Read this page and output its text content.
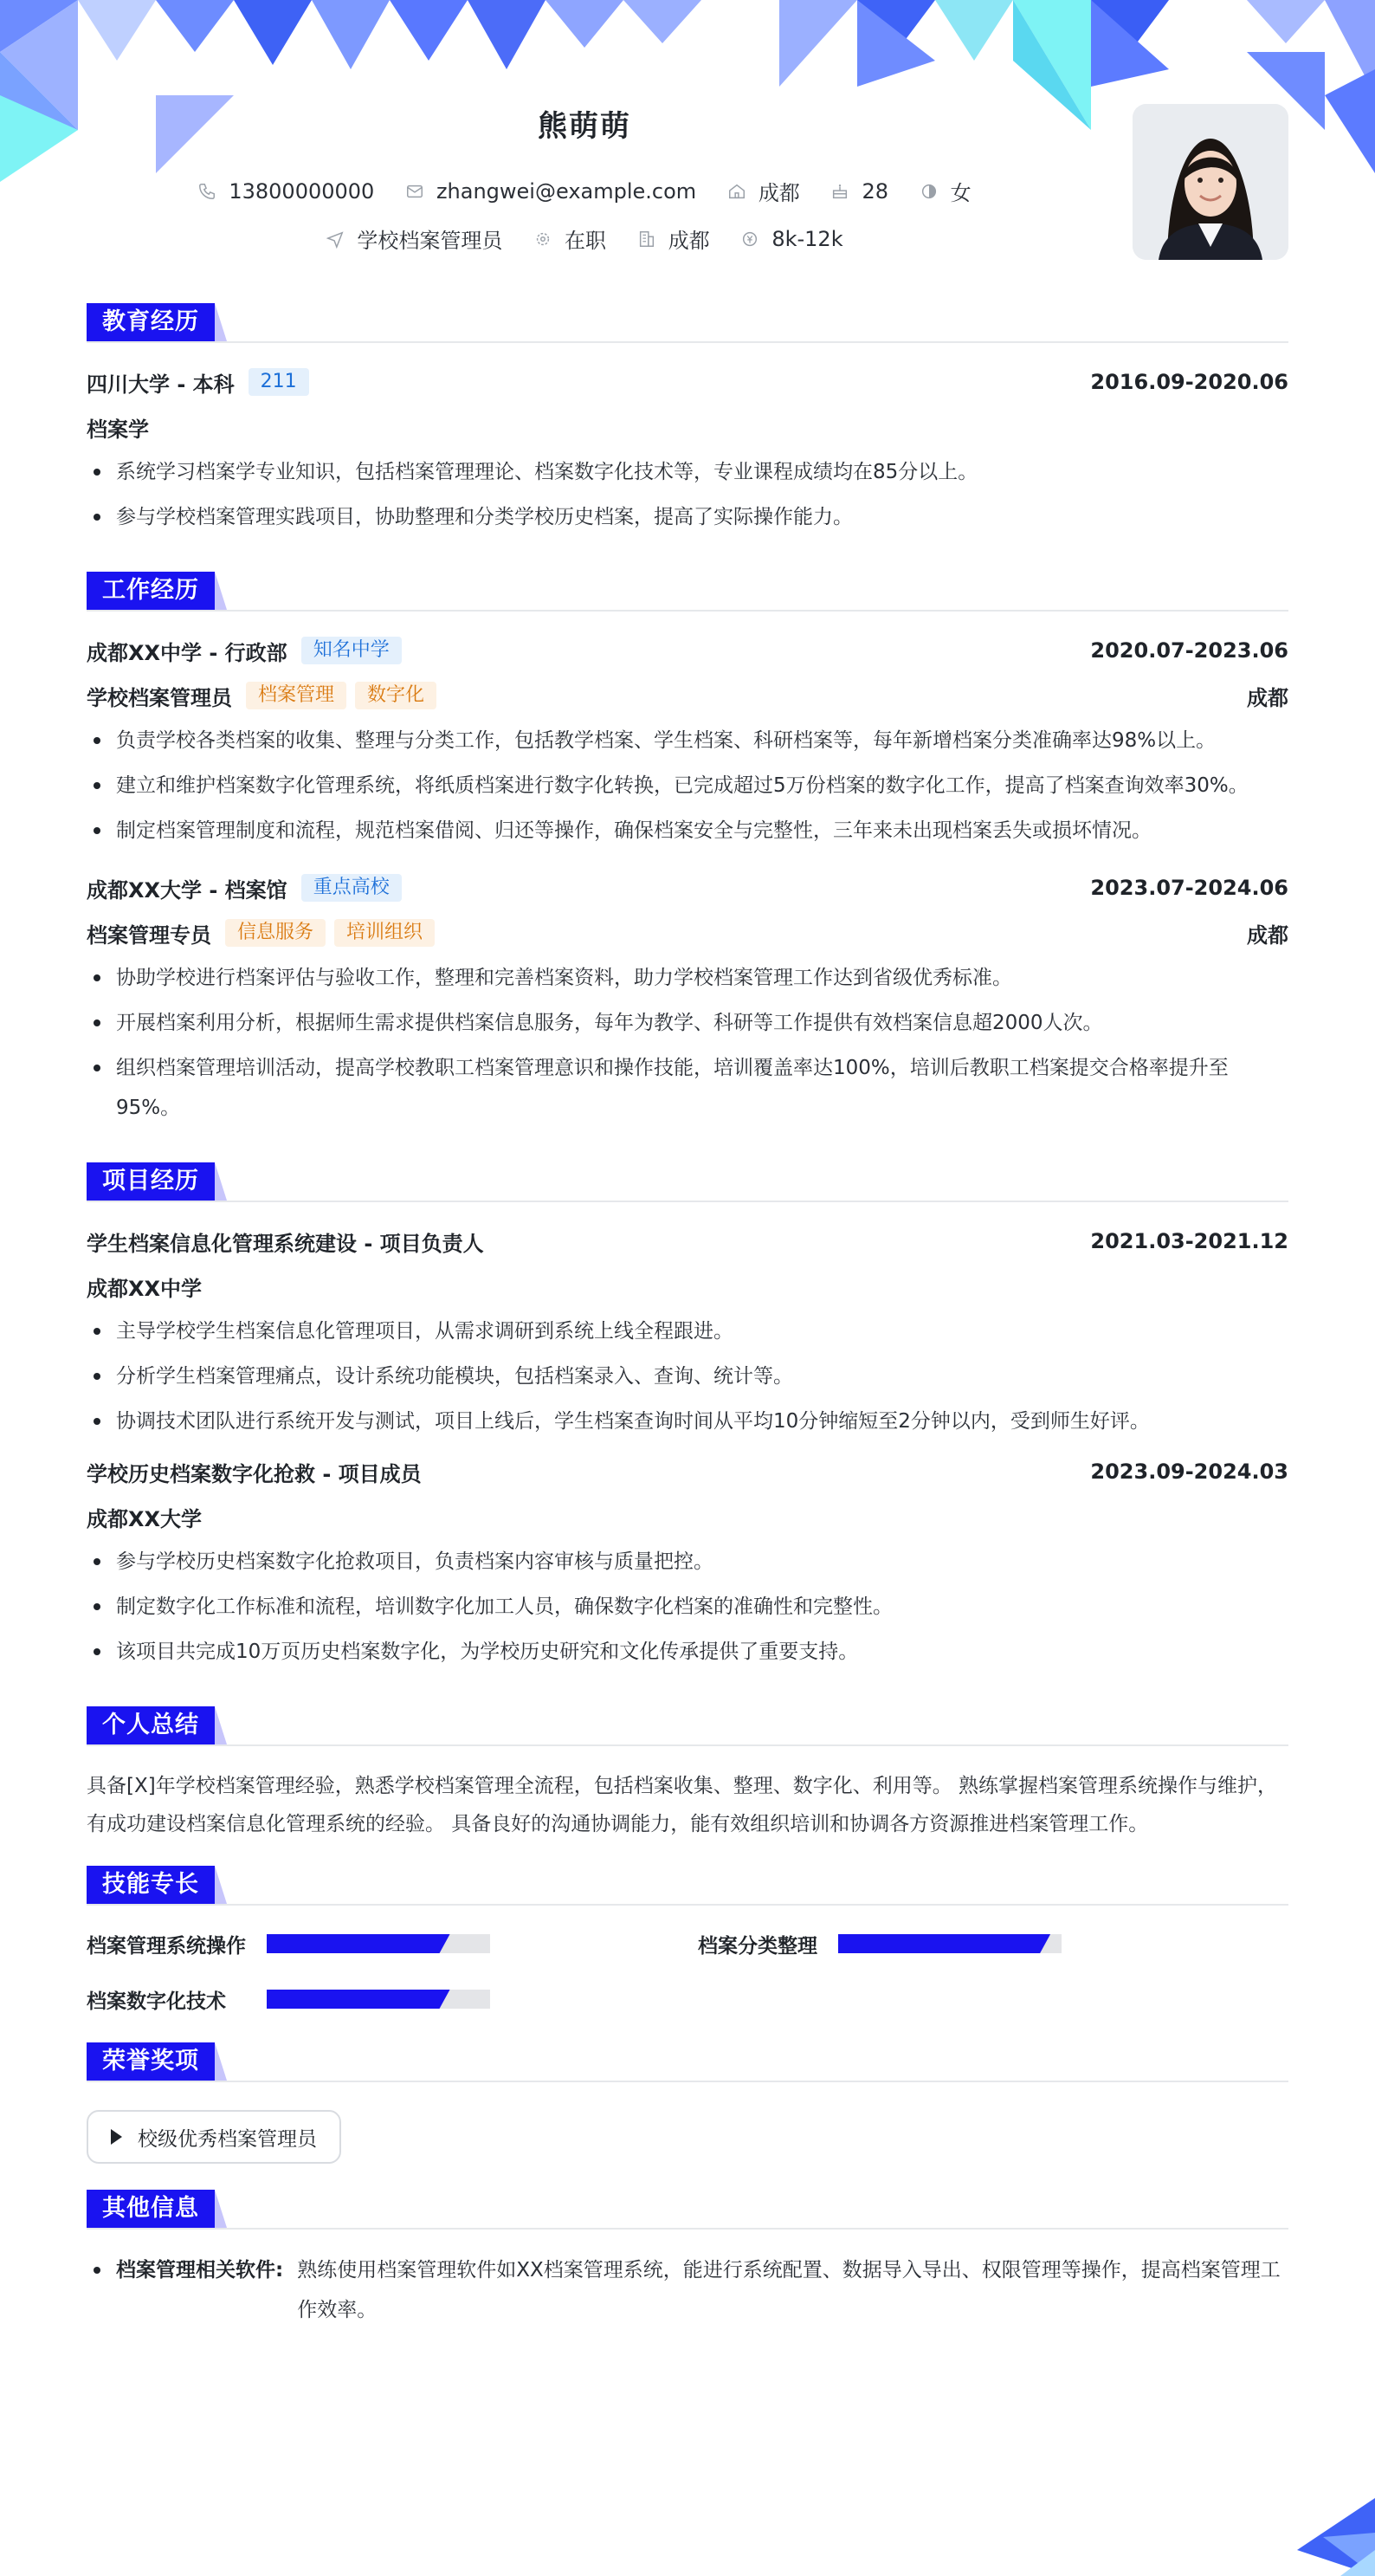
熊萌萌
13800000000
	zhangwei@example.com
	成都
	28
	女
学校档案管理员
	在职
	成都
	8k-12k
教育经历
四川大学 - 本科	211	2016.09-2020.06
档案学
系统学习档案学专业知识，包括档案管理理论、档案数字化技术等，专业课程成绩均在85分以上。
参与学校档案管理实践项目，协助整理和分类学校历史档案，提高了实际操作能力。
工作经历
成都XX中学 - 行政部	知名中学	2020.07-2023.06
学校档案管理员	档案管理	数字化	成都
负责学校各类档案的收集、整理与分类工作，包括教学档案、学生档案、科研档案等，每年新增档案分类准确率达98%以上。
建立和维护档案数字化管理系统，将纸质档案进行数字化转换，已完成超过5万份档案的数字化工作，提高了档案查询效率30%。
制定档案管理制度和流程，规范档案借阅、归还等操作，确保档案安全与完整性，三年来未出现档案丢失或损坏情况。
成都XX大学 - 档案馆	重点高校	2023.07-2024.06
档案管理专员	信息服务	培训组织	成都
协助学校进行档案评估与验收工作，整理和完善档案资料，助力学校档案管理工作达到省级优秀标准。
开展档案利用分析，根据师生需求提供档案信息服务，每年为教学、科研等工作提供有效档案信息超2000人次。
组织档案管理培训活动，提高学校教职工档案管理意识和操作技能，培训覆盖率达100%，培训后教职工档案提交合格率提升至95%。
项目经历
学生档案信息化管理系统建设 - 项目负责人	2021.03-2021.12
成都XX中学
主导学校学生档案信息化管理项目，从需求调研到系统上线全程跟进。
分析学生档案管理痛点，设计系统功能模块，包括档案录入、查询、统计等。
协调技术团队进行系统开发与测试，项目上线后，学生档案查询时间从平均10分钟缩短至2分钟以内，受到师生好评。
学校历史档案数字化抢救 - 项目成员	2023.09-2024.03
成都XX大学
参与学校历史档案数字化抢救项目，负责档案内容审核与质量把控。
制定数字化工作标准和流程，培训数字化加工人员，确保数字化档案的准确性和完整性。
该项目共完成10万页历史档案数字化，为学校历史研究和文化传承提供了重要支持。
个人总结

具备[X]年学校档案管理经验，熟悉学校档案管理全流程，包括档案收集、整理、数字化、利用等。 熟练掌握档案管理系统操作与维护，有成功建设档案信息化管理系统的经验。 具备良好的沟通协调能力，能有效组织培训和协调各方资源推进档案管理工作。

技能专长
档案管理系统操作	档案分类整理
档案数字化技术
荣誉奖项
校级优秀档案管理员
其他信息
档案管理相关软件: 熟练使用档案管理软件如XX档案管理系统，能进行系统配置、数据导入导出、权限管理等操作，提高档案管理工作效率。
